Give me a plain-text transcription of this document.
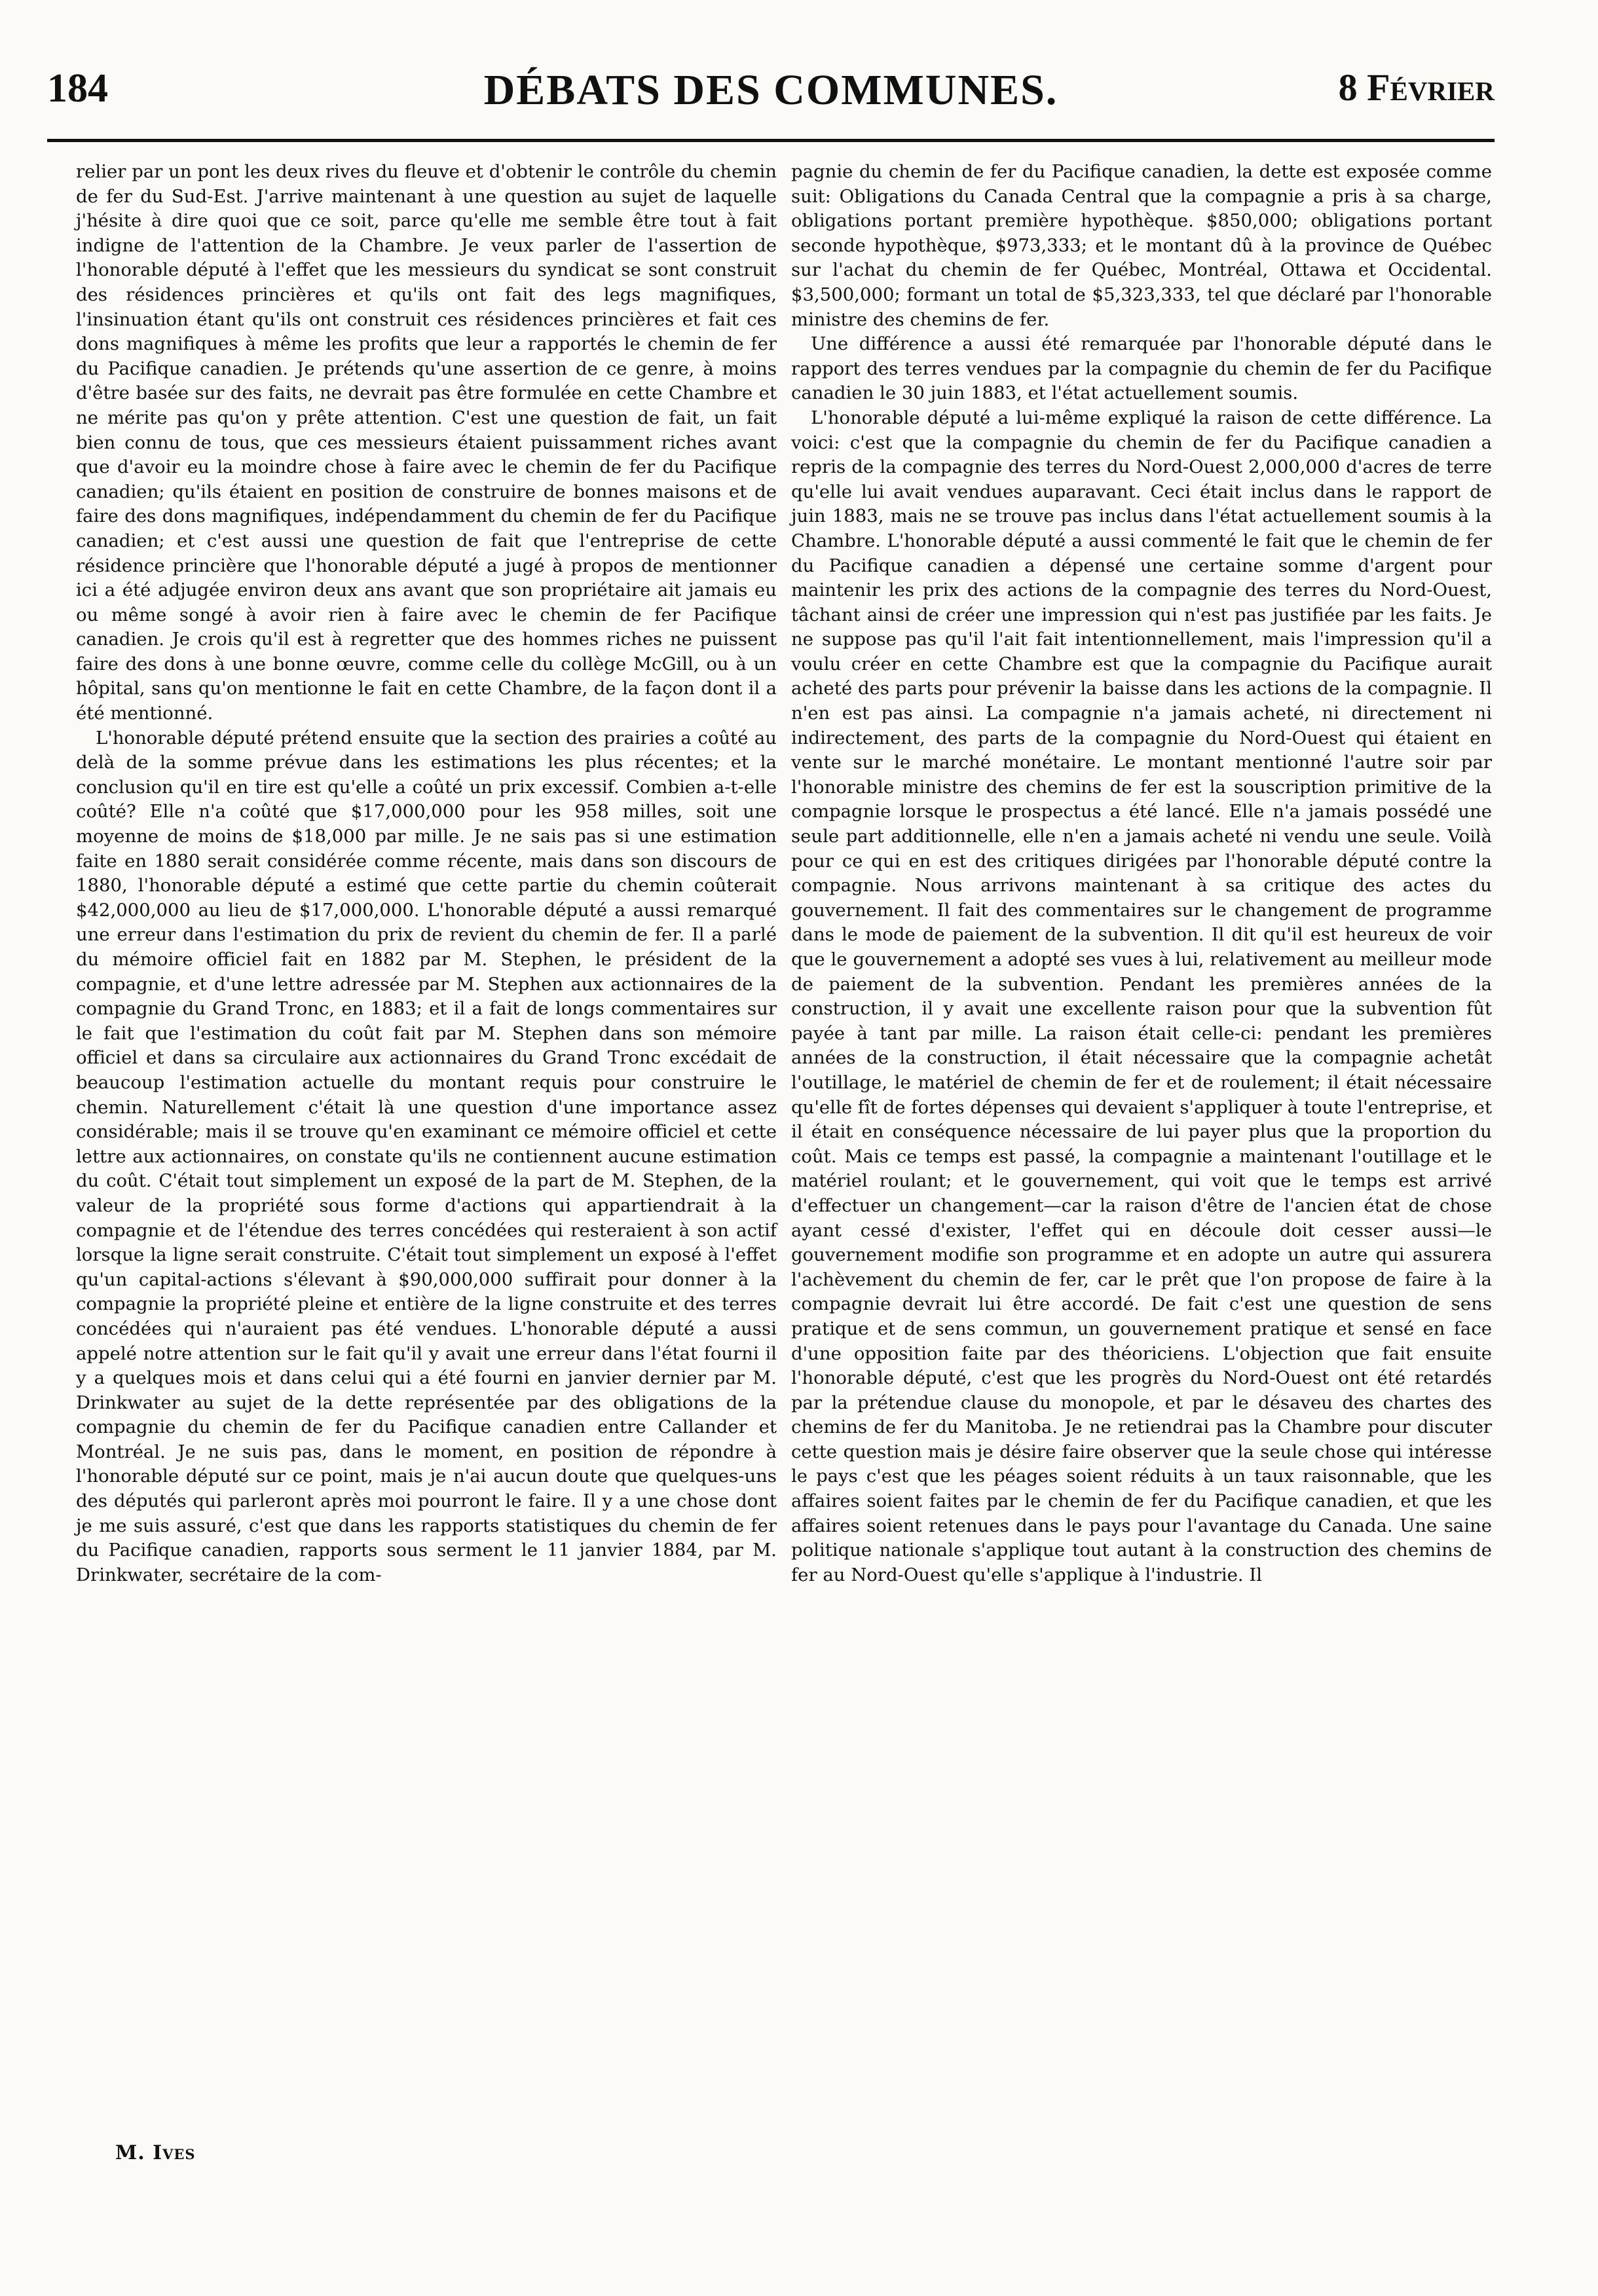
184	DÉBATS DES COMMUNES.	8 Février

relier par un pont les deux rives du fleuve et d'obtenir le contrôle du chemin de fer du Sud-Est. J'arrive maintenant à une question au sujet de laquelle j'hésite à dire quoi que ce soit, parce qu'elle me semble être tout à fait indigne de l'attention de la Chambre. Je veux parler de l'assertion de l'honorable député à l'effet que les messieurs du syndicat se sont construit des résidences princières et qu'ils ont fait des legs magnifiques, l'insinuation étant qu'ils ont construit ces résidences princières et fait ces dons magnifiques à même les profits que leur a rapportés le chemin de fer du Pacifique canadien. Je prétends qu'une assertion de ce genre, à moins d'être basée sur des faits, ne devrait pas être formulée en cette Chambre et ne mérite pas qu'on y prête attention. C'est une question de fait, un fait bien connu de tous, que ces messieurs étaient puissamment riches avant que d'avoir eu la moindre chose à faire avec le chemin de fer du Pacifique canadien; qu'ils étaient en position de construire de bonnes maisons et de faire des dons magnifiques, indépendamment du chemin de fer du Pacifique canadien; et c'est aussi une question de fait que l'entreprise de cette résidence princière que l'honorable député a jugé à propos de mentionner ici a été adjugée environ deux ans avant que son propriétaire ait jamais eu ou même songé à avoir rien à faire avec le chemin de fer Pacifique canadien. Je crois qu'il est à regretter que des hommes riches ne puissent faire des dons à une bonne œuvre, comme celle du collège McGill, ou à un hôpital, sans qu'on mentionne le fait en cette Chambre, de la façon dont il a été mentionné.

L'honorable député prétend ensuite que la section des prairies a coûté au delà de la somme prévue dans les estimations les plus récentes; et la conclusion qu'il en tire est qu'elle a coûté un prix excessif. Combien a-t-elle coûté? Elle n'a coûté que $17,000,000 pour les 958 milles, soit une moyenne de moins de $18,000 par mille. Je ne sais pas si une estimation faite en 1880 serait considérée comme récente, mais dans son discours de 1880, l'honorable député a estimé que cette partie du chemin coûterait $42,000,000 au lieu de $17,000,000. L'honorable député a aussi remarqué une erreur dans l'estimation du prix de revient du chemin de fer. Il a parlé du mémoire officiel fait en 1882 par M. Stephen, le président de la compagnie, et d'une lettre adressée par M. Stephen aux actionnaires de la compagnie du Grand Tronc, en 1883; et il a fait de longs commentaires sur le fait que l'estimation du coût fait par M. Stephen dans son mémoire officiel et dans sa circulaire aux actionnaires du Grand Tronc excédait de beaucoup l'estimation actuelle du montant requis pour construire le chemin. Naturellement c'était là une question d'une importance assez considérable; mais il se trouve qu'en examinant ce mémoire officiel et cette lettre aux actionnaires, on constate qu'ils ne contiennent aucune estimation du coût. C'était tout simplement un exposé de la part de M. Stephen, de la valeur de la propriété sous forme d'actions qui appartiendrait à la compagnie et de l'étendue des terres concédées qui resteraient à son actif lorsque la ligne serait construite. C'était tout simplement un exposé à l'effet qu'un capital-actions s'élevant à $90,000,000 suffirait pour donner à la compagnie la propriété pleine et entière de la ligne construite et des terres concédées qui n'auraient pas été vendues. L'honorable député a aussi appelé notre attention sur le fait qu'il y avait une erreur dans l'état fourni il y a quelques mois et dans celui qui a été fourni en janvier dernier par M. Drinkwater au sujet de la dette représentée par des obligations de la compagnie du chemin de fer du Pacifique canadien entre Callander et Montréal. Je ne suis pas, dans le moment, en position de répondre à l'honorable député sur ce point, mais je n'ai aucun doute que quelques-uns des députés qui parleront après moi pourront le faire. Il y a une chose dont je me suis assuré, c'est que dans les rapports statistiques du chemin de fer du Pacifique canadien, rapports sous serment le 11 janvier 1884, par M. Drinkwater, secrétaire de la com-

M. Ives

pagnie du chemin de fer du Pacifique canadien, la dette est exposée comme suit: Obligations du Canada Central que la compagnie a pris à sa charge, obligations portant première hypothèque. $850,000; obligations portant seconde hypothèque, $973,333; et le montant dû à la province de Québec sur l'achat du chemin de fer Québec, Montréal, Ottawa et Occidental. $3,500,000; formant un total de $5,323,333, tel que déclaré par l'honorable ministre des chemins de fer.

Une différence a aussi été remarquée par l'honorable député dans le rapport des terres vendues par la compagnie du chemin de fer du Pacifique canadien le 30 juin 1883, et l'état actuellement soumis.

L'honorable député a lui-même expliqué la raison de cette différence. La voici: c'est que la compagnie du chemin de fer du Pacifique canadien a repris de la compagnie des terres du Nord-Ouest 2,000,000 d'acres de terre qu'elle lui avait vendues auparavant. Ceci était inclus dans le rapport de juin 1883, mais ne se trouve pas inclus dans l'état actuellement soumis à la Chambre. L'honorable député a aussi commenté le fait que le chemin de fer du Pacifique canadien a dépensé une certaine somme d'argent pour maintenir les prix des actions de la compagnie des terres du Nord-Ouest, tâchant ainsi de créer une impression qui n'est pas justifiée par les faits. Je ne suppose pas qu'il l'ait fait intentionnellement, mais l'impression qu'il a voulu créer en cette Chambre est que la compagnie du Pacifique aurait acheté des parts pour prévenir la baisse dans les actions de la compagnie. Il n'en est pas ainsi. La compagnie n'a jamais acheté, ni directement ni indirectement, des parts de la compagnie du Nord-Ouest qui étaient en vente sur le marché monétaire. Le montant mentionné l'autre soir par l'honorable ministre des chemins de fer est la souscription primitive de la compagnie lorsque le prospectus a été lancé. Elle n'a jamais possédé une seule part additionnelle, elle n'en a jamais acheté ni vendu une seule. Voilà pour ce qui en est des critiques dirigées par l'honorable député contre la compagnie. Nous arrivons maintenant à sa critique des actes du gouvernement. Il fait des commentaires sur le changement de programme dans le mode de paiement de la subvention. Il dit qu'il est heureux de voir que le gouvernement a adopté ses vues à lui, relativement au meilleur mode de paiement de la subvention. Pendant les premières années de la construction, il y avait une excellente raison pour que la subvention fût payée à tant par mille. La raison était celle-ci: pendant les premières années de la construction, il était nécessaire que la compagnie achetât l'outillage, le matériel de chemin de fer et de roulement; il était nécessaire qu'elle fît de fortes dépenses qui devaient s'appliquer à toute l'entreprise, et il était en conséquence nécessaire de lui payer plus que la proportion du coût. Mais ce temps est passé, la compagnie a maintenant l'outillage et le matériel roulant; et le gouvernement, qui voit que le temps est arrivé d'effectuer un changement—car la raison d'être de l'ancien état de chose ayant cessé d'exister, l'effet qui en découle doit cesser aussi—le gouvernement modifie son programme et en adopte un autre qui assurera l'achèvement du chemin de fer, car le prêt que l'on propose de faire à la compagnie devrait lui être accordé. De fait c'est une question de sens pratique et de sens commun, un gouvernement pratique et sensé en face d'une opposition faite par des théoriciens. L'objection que fait ensuite l'honorable député, c'est que les progrès du Nord-Ouest ont été retardés par la prétendue clause du monopole, et par le désaveu des chartes des chemins de fer du Manitoba. Je ne retiendrai pas la Chambre pour discuter cette question mais je désire faire observer que la seule chose qui intéresse le pays c'est que les péages soient réduits à un taux raisonnable, que les affaires soient faites par le chemin de fer du Pacifique canadien, et que les affaires soient retenues dans le pays pour l'avantage du Canada. Une saine politique nationale s'applique tout autant à la construction des chemins de fer au Nord-Ouest qu'elle s'applique à l'industrie. Il
